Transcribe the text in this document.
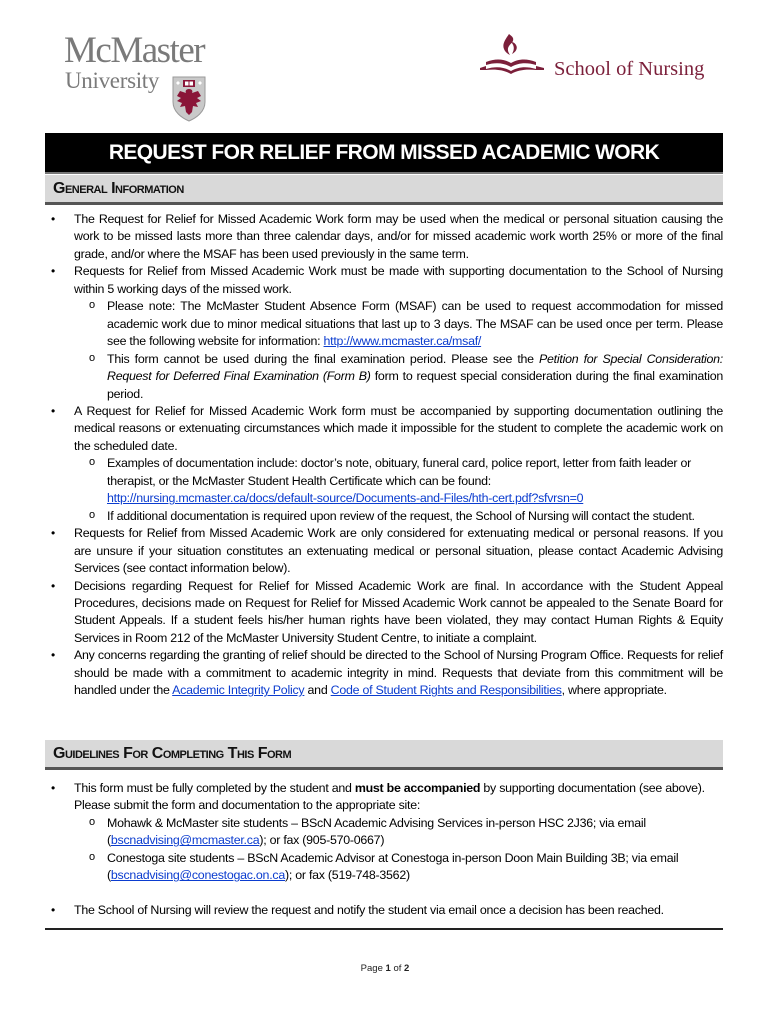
McMaster
University	School of Nursing
REQUEST FOR RELIEF FROM MISSED ACADEMIC WORK
General Information
• The Request for Relief for Missed Academic Work form may be used when the medical or personal situation causing the work to be missed lasts more than three calendar days, and/or for missed academic work worth 25% or more of the final grade, and/or where the MSAF has been used previously in the same term.
• Requests for Relief from Missed Academic Work must be made with supporting documentation to the School of Nursing within 5 working days of the missed work.
o Please note: The McMaster Student Absence Form (MSAF) can be used to request accommodation for missed academic work due to minor medical situations that last up to 3 days. The MSAF can be used once per term. Please see the following website for information: http://www.mcmaster.ca/msaf/
o This form cannot be used during the final examination period. Please see the Petition for Special Consideration: Request for Deferred Final Examination (Form B) form to request special consideration during the final examination period.
• A Request for Relief for Missed Academic Work form must be accompanied by supporting documentation outlining the medical reasons or extenuating circumstances which made it impossible for the student to complete the academic work on the scheduled date.
o Examples of documentation include: doctor’s note, obituary, funeral card, police report, letter from faith leader or therapist, or the McMaster Student Health Certificate which can be found:
http://nursing.mcmaster.ca/docs/default-source/Documents-and-Files/hth-cert.pdf?sfvrsn=0
o If additional documentation is required upon review of the request, the School of Nursing will contact the student.
• Requests for Relief from Missed Academic Work are only considered for extenuating medical or personal reasons. If you are unsure if your situation constitutes an extenuating medical or personal situation, please contact Academic Advising Services (see contact information below).
• Decisions regarding Request for Relief for Missed Academic Work are final. In accordance with the Student Appeal Procedures, decisions made on Request for Relief for Missed Academic Work cannot be appealed to the Senate Board for Student Appeals. If a student feels his/her human rights have been violated, they may contact Human Rights & Equity Services in Room 212 of the McMaster University Student Centre, to initiate a complaint.
• Any concerns regarding the granting of relief should be directed to the School of Nursing Program Office. Requests for relief should be made with a commitment to academic integrity in mind. Requests that deviate from this commitment will be handled under the Academic Integrity Policy and Code of Student Rights and Responsibilities, where appropriate.
Guidelines For Completing This Form
• This form must be fully completed by the student and must be accompanied by supporting documentation (see above). Please submit the form and documentation to the appropriate site:
o Mohawk & McMaster site students – BScN Academic Advising Services in-person HSC 2J36; via email (bscnadvising@mcmaster.ca); or fax (905-570-0667)
o Conestoga site students – BScN Academic Advisor at Conestoga in-person Doon Main Building 3B; via email (bscnadvising@conestogac.on.ca); or fax (519-748-3562)
• The School of Nursing will review the request and notify the student via email once a decision has been reached.
Page 1 of 2
